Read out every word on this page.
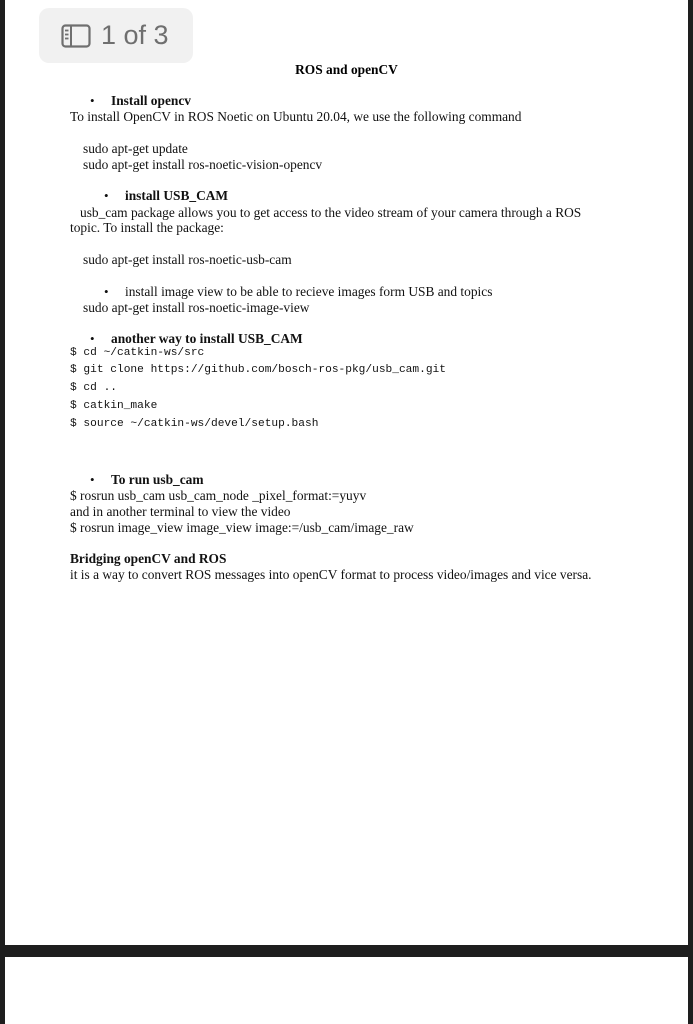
1 of 3
ROS and openCV
• Install opencv

To install OpenCV in ROS Noetic on Ubuntu 20.04, we use the following command

sudo apt-get update

sudo apt-get install ros-noetic-vision-opencv

• install USB_CAM

usb_cam package allows you to get access to the video stream of your camera through a ROS

topic. To install the package:

sudo apt-get install ros-noetic-usb-cam

• install image view to be able to recieve images form USB and topics

sudo apt-get install ros-noetic-image-view

• another way to install USB_CAM

$ cd ~/catkin-ws/src

$ git clone https://github.com/bosch-ros-pkg/usb_cam.git

$ cd ..

$ catkin_make

$ source ~/catkin-ws/devel/setup.bash

• To run usb_cam

$ rosrun usb_cam usb_cam_node _pixel_format:=yuyv

and in another terminal to view the video

$ rosrun image_view image_view image:=/usb_cam/image_raw

Bridging openCV and ROS

it is a way to convert ROS messages into openCV format to process video/images and vice versa.
